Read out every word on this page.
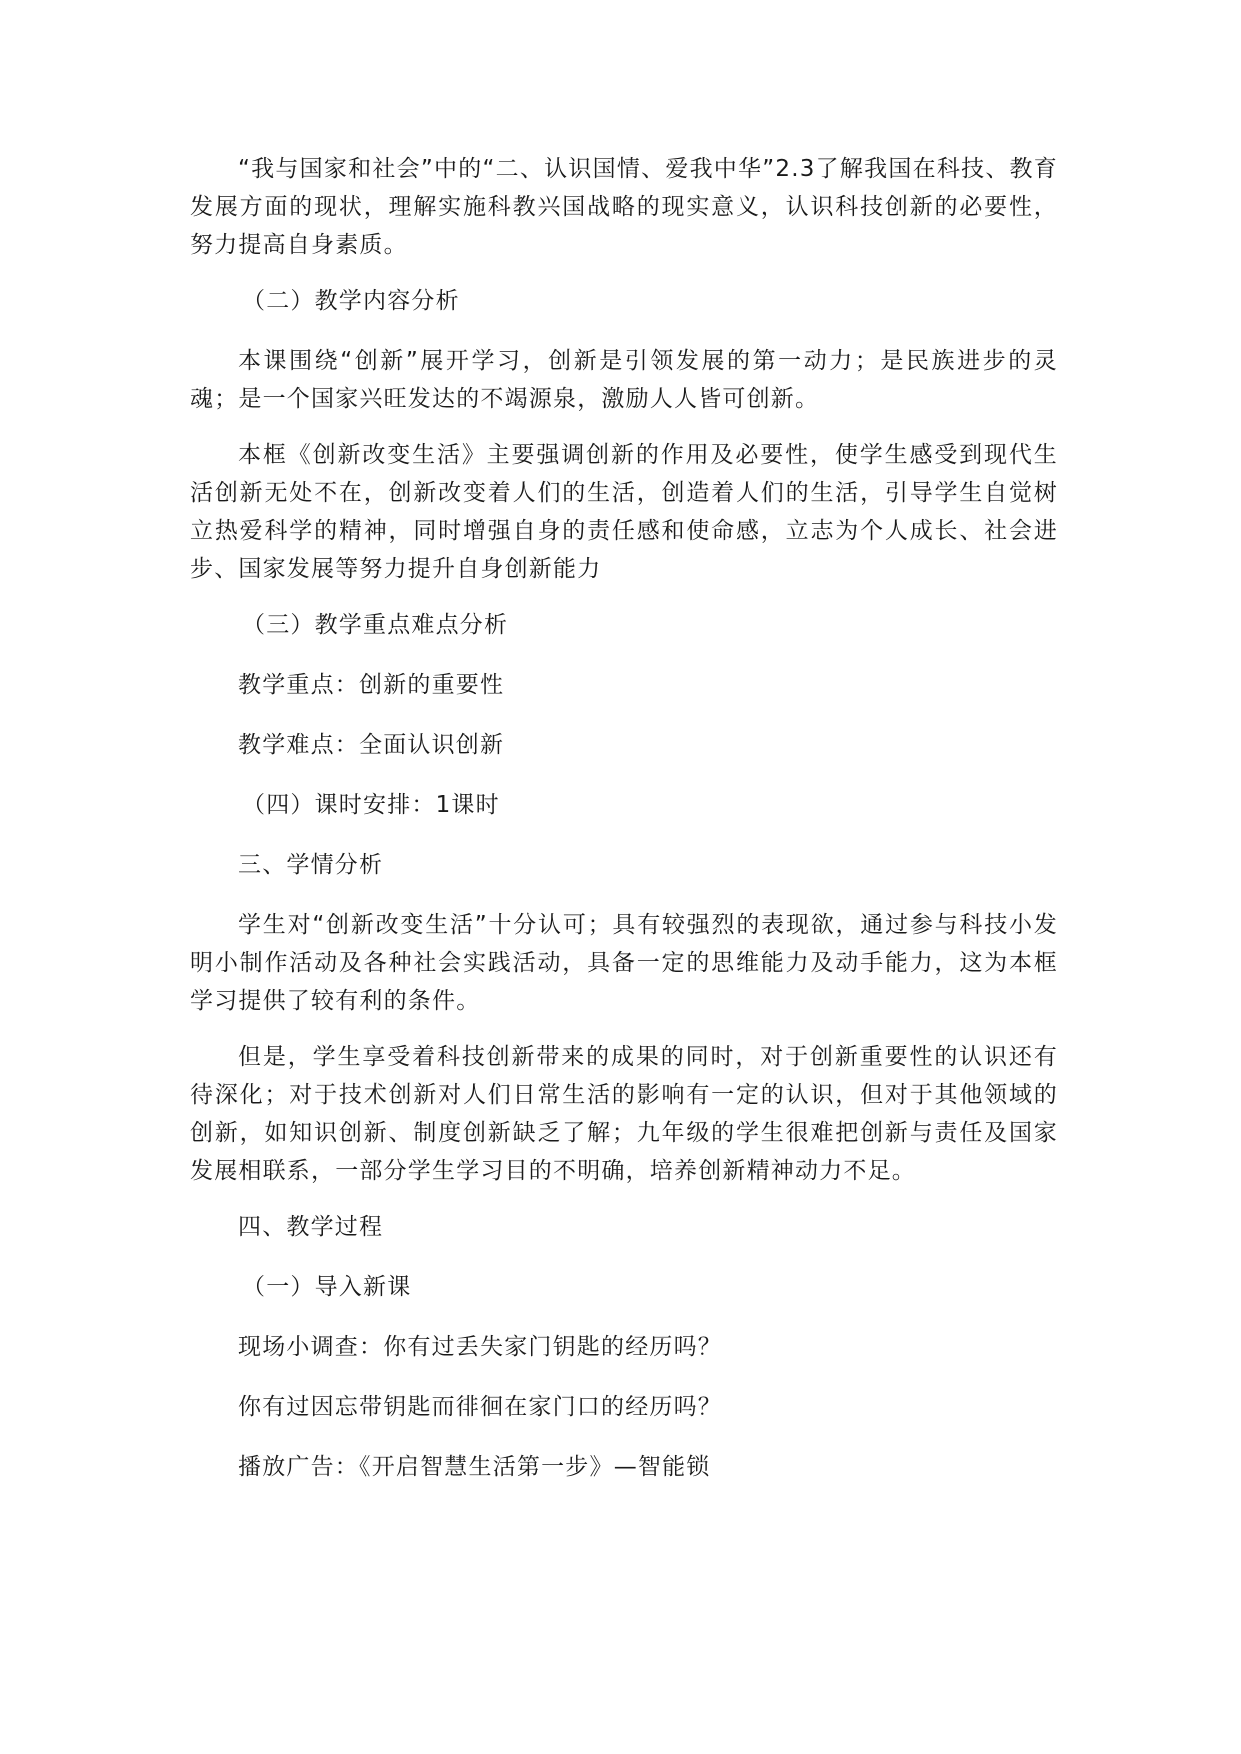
“我与国家和社会”中的“二、认识国情、爱我中华”2.3了解我国在科技、教育发展方面的现状，理解实施科教兴国战略的现实意义，认识科技创新的必要性，努力提高自身素质。

（二）教学内容分析

本课围绕“创新”展开学习，创新是引领发展的第一动力；是民族进步的灵魂；是一个国家兴旺发达的不竭源泉，激励人人皆可创新。

本框《创新改变生活》主要强调创新的作用及必要性，使学生感受到现代生活创新无处不在，创新改变着人们的生活，创造着人们的生活，引导学生自觉树立热爱科学的精神，同时增强自身的责任感和使命感，立志为个人成长、社会进步、国家发展等努力提升自身创新能力

（三）教学重点难点分析

教学重点：创新的重要性

教学难点：全面认识创新

（四）课时安排：1课时

三、学情分析

学生对“创新改变生活”十分认可；具有较强烈的表现欲，通过参与科技小发明小制作活动及各种社会实践活动，具备一定的思维能力及动手能力，这为本框学习提供了较有利的条件。

但是，学生享受着科技创新带来的成果的同时，对于创新重要性的认识还有待深化；对于技术创新对人们日常生活的影响有一定的认识，但对于其他领域的创新，如知识创新、制度创新缺乏了解；九年级的学生很难把创新与责任及国家发展相联系，一部分学生学习目的不明确，培养创新精神动力不足。

四、教学过程

（一）导入新课

现场小调查：你有过丢失家门钥匙的经历吗？

你有过因忘带钥匙而徘徊在家门口的经历吗？

播放广告：《开启智慧生活第一步》—智能锁
